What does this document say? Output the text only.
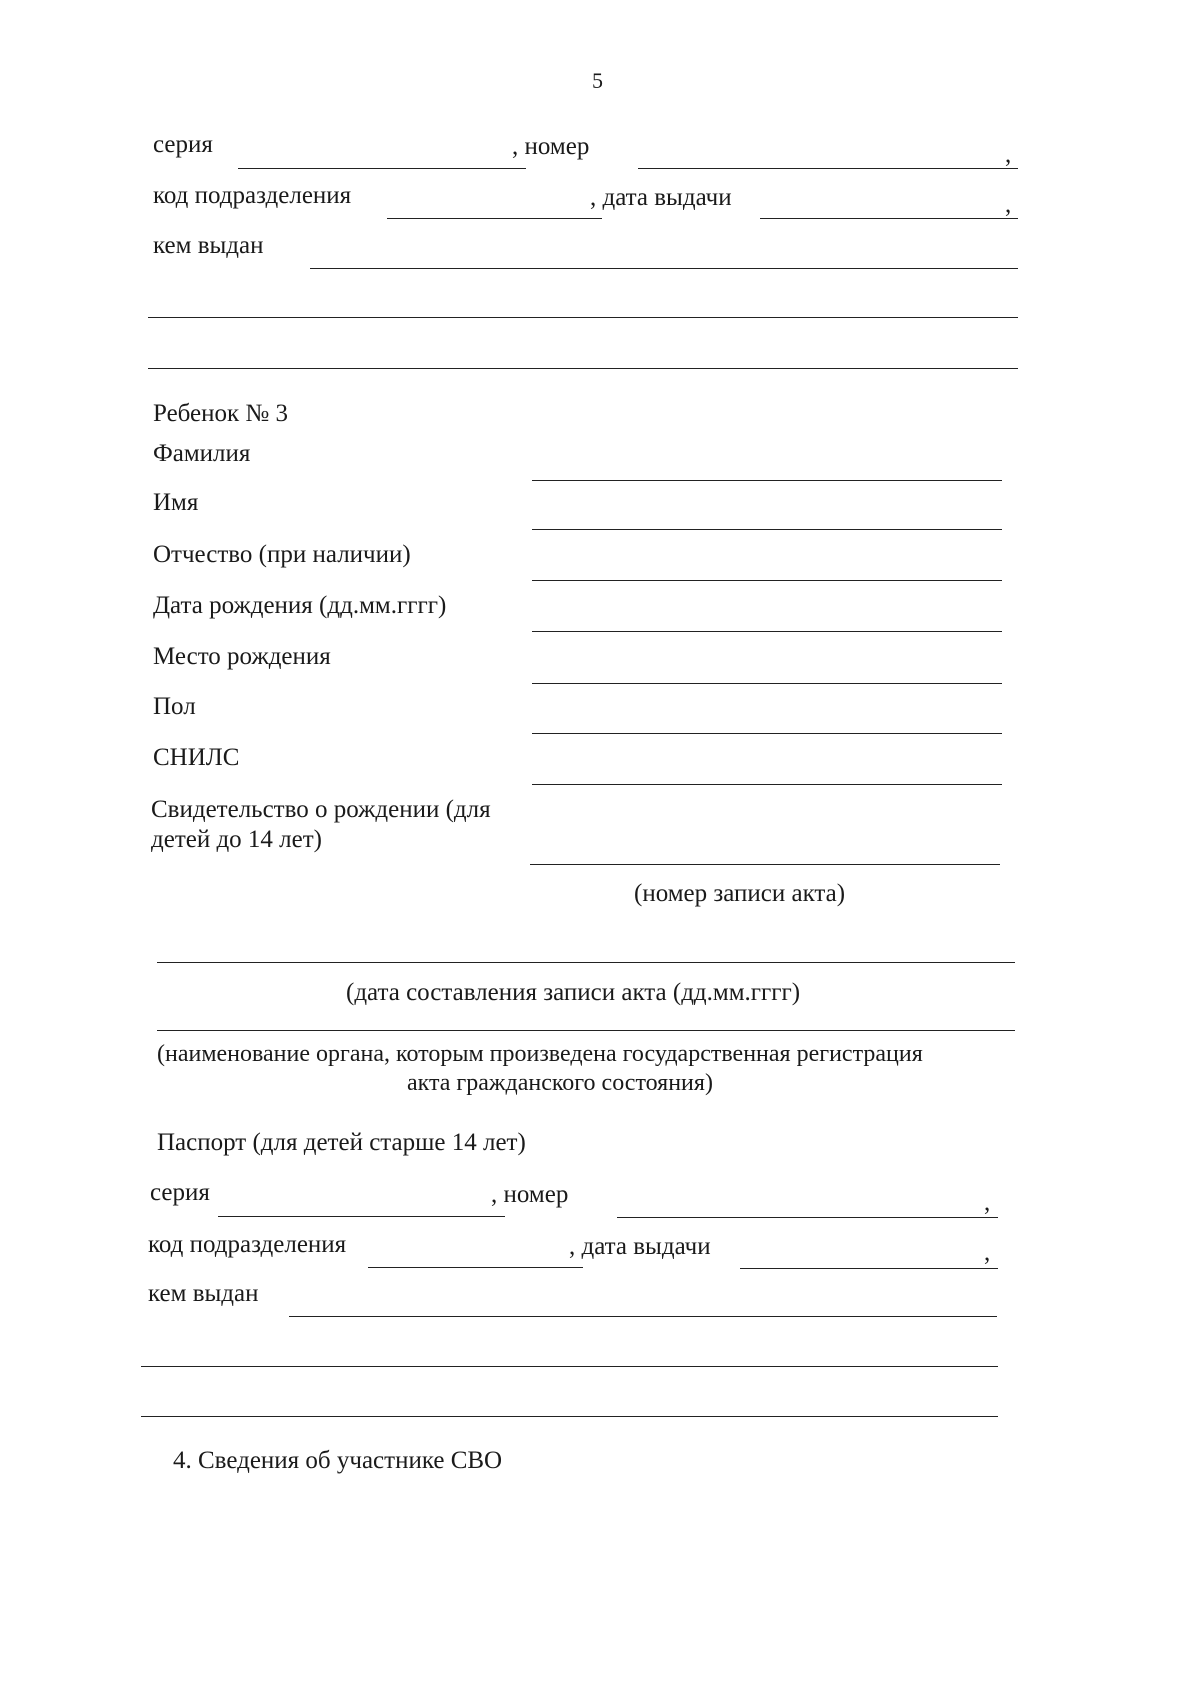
5
серия	, номер	,
код подразделения	, дата выдачи	,
кем выдан
Ребенок № 3
Фамилия
Имя
Отчество (при наличии)
Дата рождения (дд.мм.гггг)
Место рождения
Пол
СНИЛС
Свидетельство о рождении (для
детей до 14 лет)
(номер записи акта)
(дата составления записи акта (дд.мм.гггг)
(наименование органа, которым произведена государственная регистрация
акта гражданского состояния)
Паспорт (для детей старше 14 лет)
серия	, номер	,
код подразделения	, дата выдачи	,
кем выдан
4. Сведения об участнике СВО
